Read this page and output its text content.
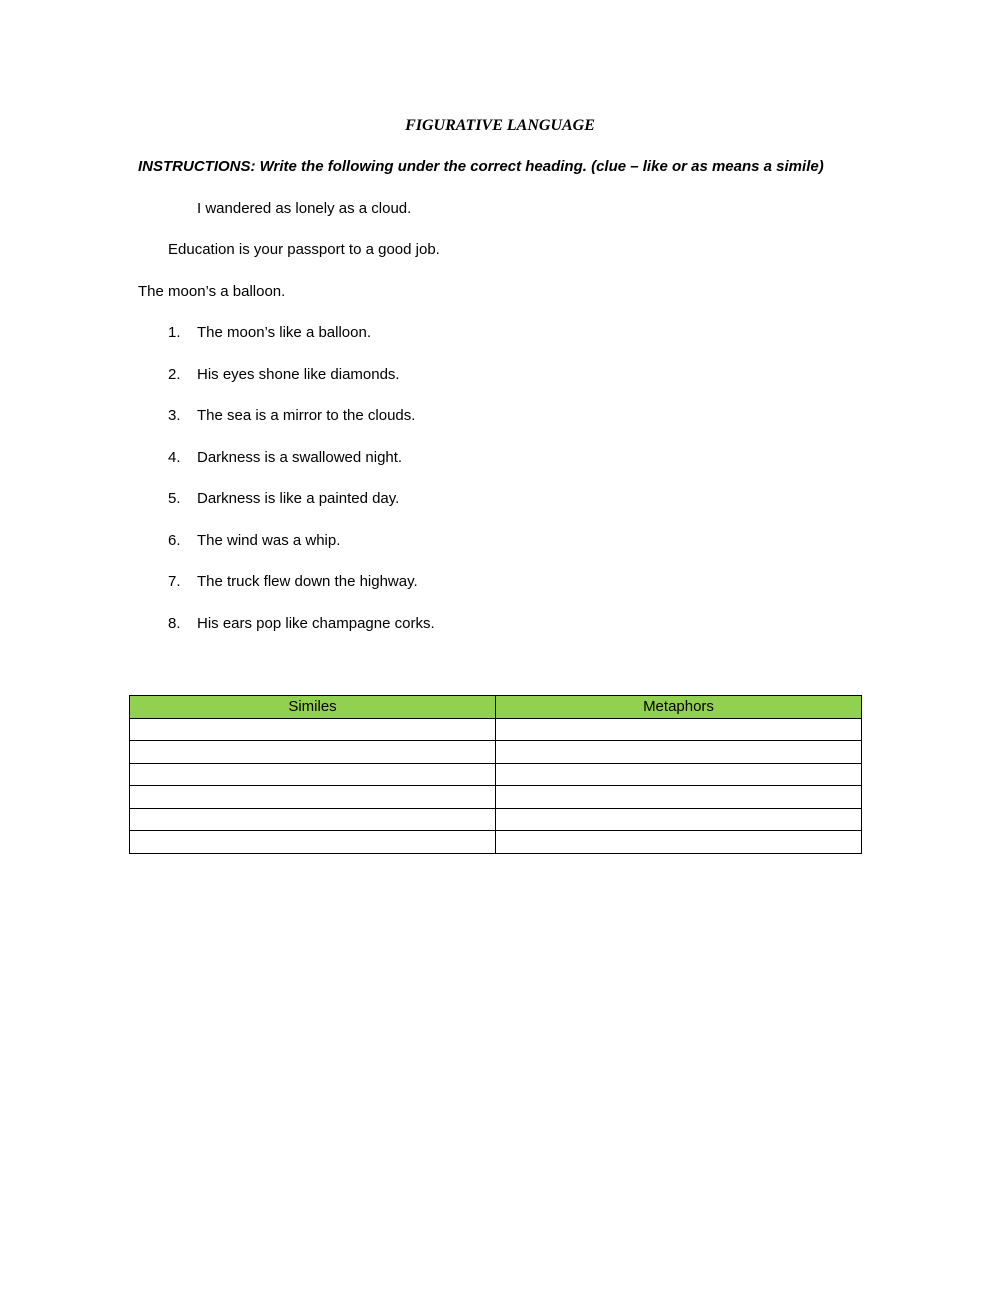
FIGURATIVE LANGUAGE
INSTRUCTIONS: Write the following under the correct heading. (clue – like or as means a simile)
I wandered as lonely as a cloud.
Education is your passport to a good job.
The moon’s a balloon.
1. The moon’s like a balloon.
2. His eyes shone like diamonds.
3. The sea is a mirror to the clouds.
4. Darkness is a swallowed night.
5. Darkness is like a painted day.
6. The wind was a whip.
7. The truck flew down the highway.
8. His ears pop like champagne corks.
Similes	Metaphors
